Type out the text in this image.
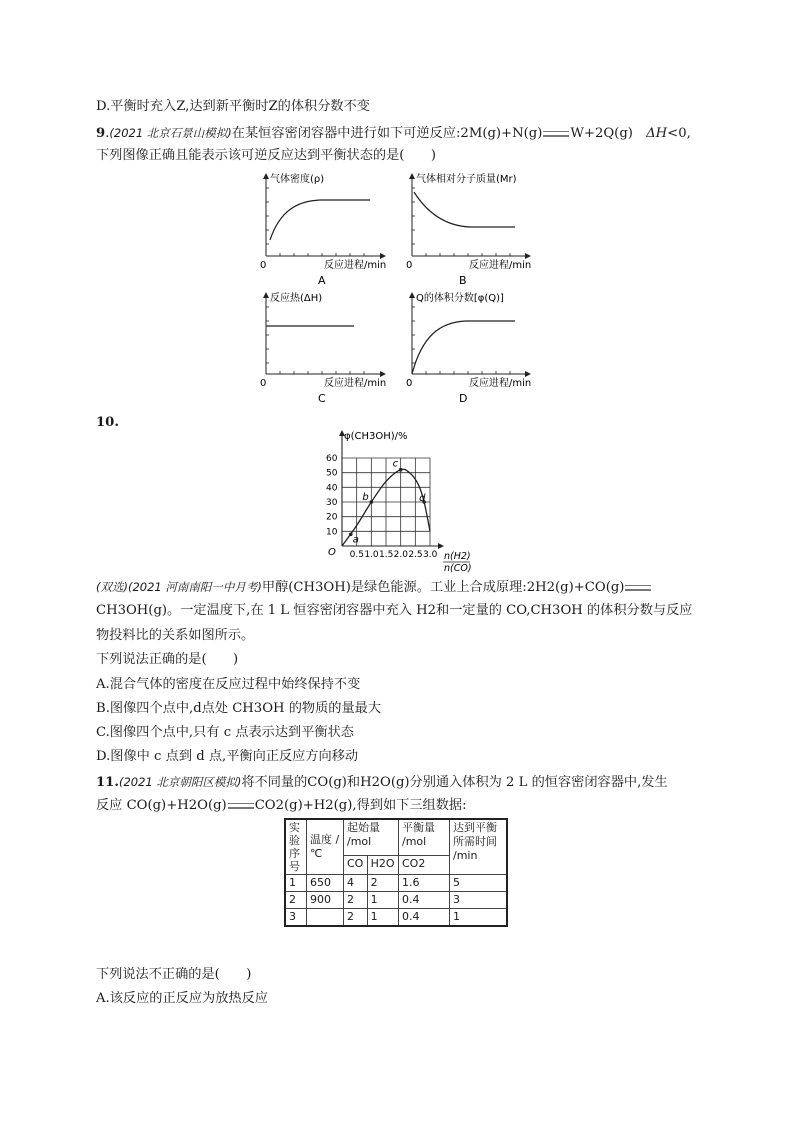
D.平衡时充入Z,达到新平衡时Z的体积分数不变
9.(2021 北京石景山模拟)在某恒容密闭容器中进行如下可逆反应:2M(g)+N(g) W+2Q(g)　 ΔH<0,
下列图像正确且能表示该可逆反应达到平衡状态的是(　　)
气体密度(ρ)
0	反应进程/min
A
气体相对分子质量(Mr)
0	反应进程/min
B
反应热(ΔH)
0	反应进程/min
C
Q的体积分数[φ(Q)]
0	反应进程/min
D
10.
0.5 1.0 1.5 2.0 2.5 3.0
10
20
30
40
50
60
a
b
c
d
φ(CH3OH)/%
O	n(H2)
n(CO)
(双选)(2021 河南南阳一中月考)甲醇(CH3OH)是绿色能源。工业上合成原理:2H2(g)+CO(g)
CH3OH(g)。一定温度下,在 1 L 恒容密闭容器中充入 H2和一定量的 CO,CH3OH 的体积分数与反应
物投料比的关系如图所示。
下列说法正确的是(　　)
A.混合气体的密度在反应过程中始终保持不变
B.图像四个点中,d点处 CH3OH 的物质的量最大
C.图像四个点中,只有 c 点表示达到平衡状态
D.图像中 c 点到 d 点,平衡向正反应方向移动
11.(2021 北京朝阳区模拟)将不同量的CO(g)和H2O(g)分别通入体积为 2 L 的恒容密闭容器中,发生
反应 CO(g)+H2O(g) CO2(g)+H2(g),得到如下三组数据:
实
验
序
号	温度 /℃	起始量 /mol		平衡量 /mol	达到平衡所需时间 /min
		CO	H2O	CO2	
1	650	4	2	1.6	5
2	900	2	1	0.4	3
3		2	1	0.4	1
下列说法不正确的是(　　)
A.该反应的正反应为放热反应
